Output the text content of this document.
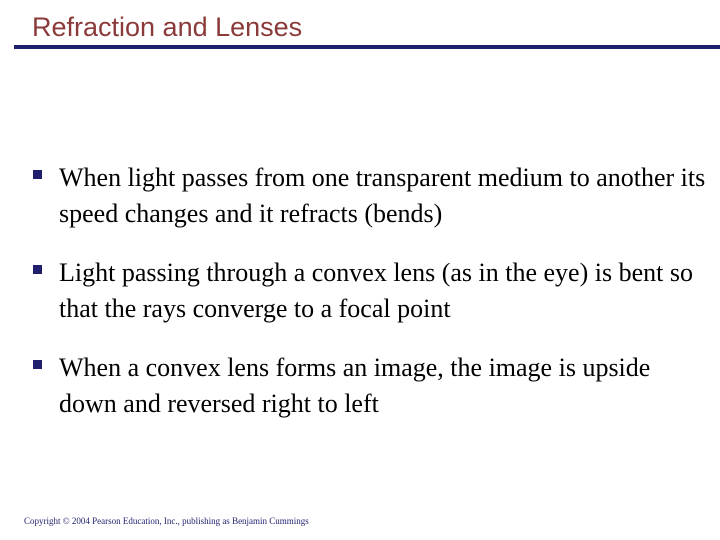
Refraction and Lenses
When light passes from one transparent medium to another its speed changes and it refracts (bends)
Light passing through a convex lens (as in the eye) is bent so that the rays converge to a focal point
When a convex lens forms an image, the image is upside down and reversed right to left
Copyright © 2004 Pearson Education, Inc., publishing as Benjamin Cummings
